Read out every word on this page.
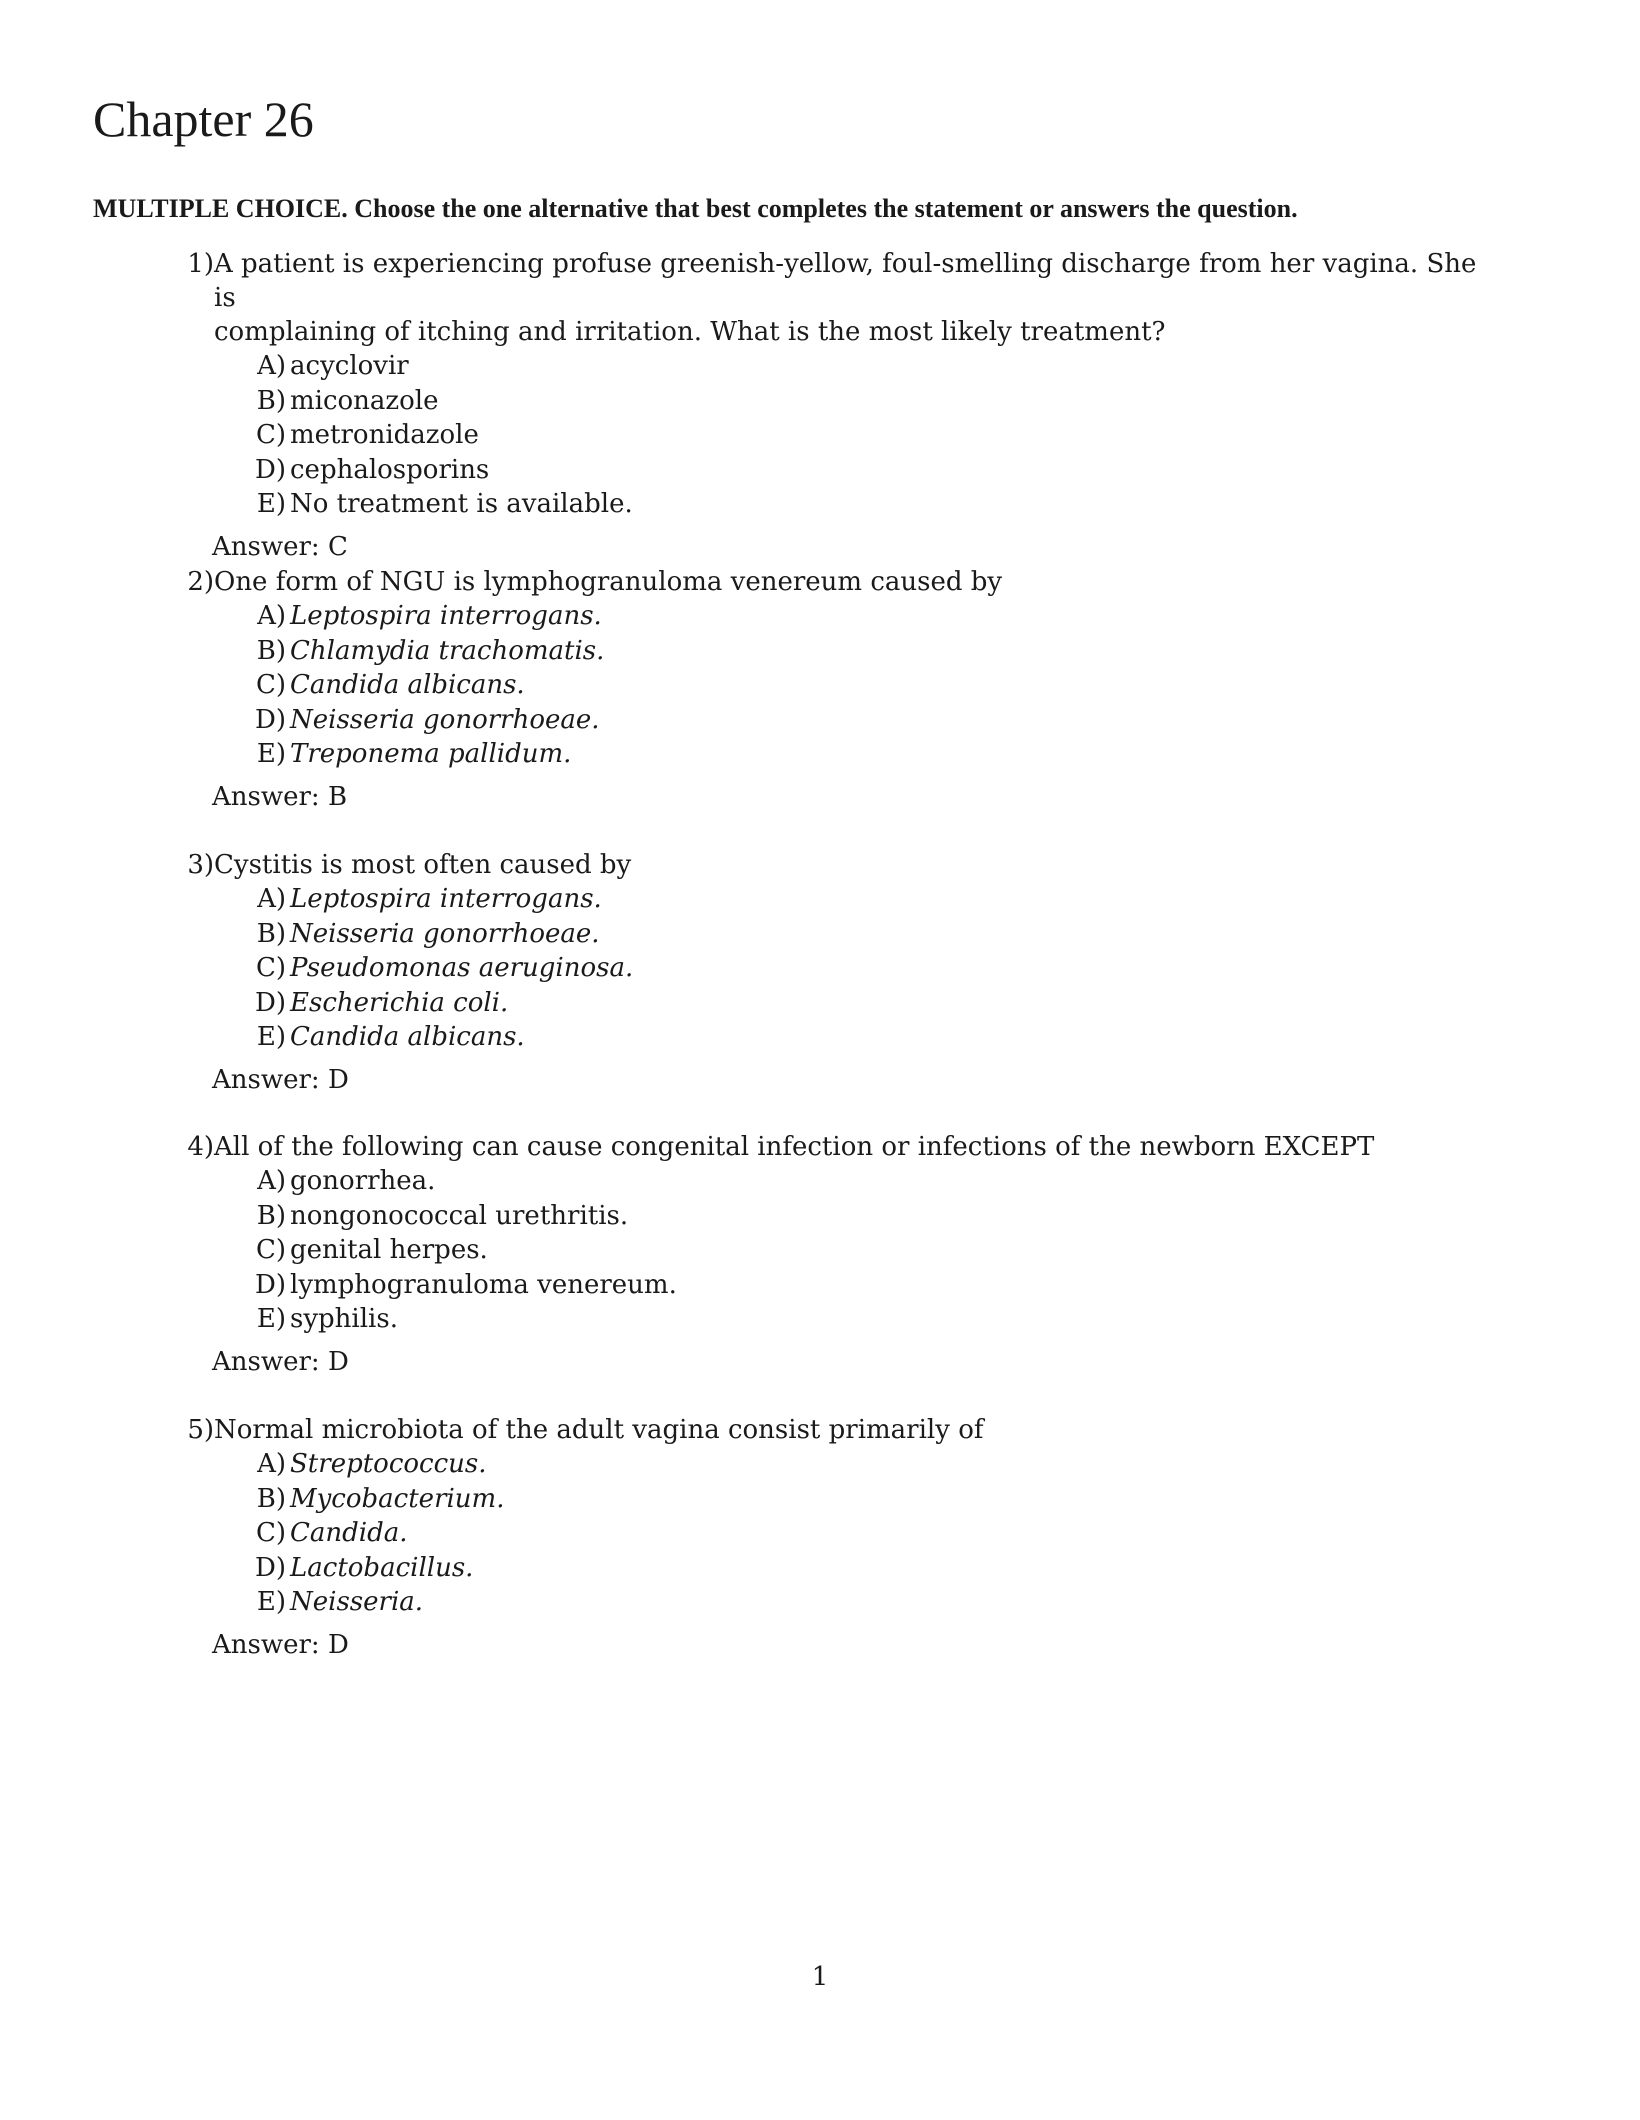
Chapter 26
MULTIPLE CHOICE. Choose the one alternative that best completes the statement or answers the question.
1) A patient is experiencing profuse greenish-yellow, foul-smelling discharge from her vagina. She is
complaining of itching and irritation. What is the most likely treatment?
A) acyclovir
B) miconazole
C) metronidazole
D) cephalosporins
E) No treatment is available.
Answer: C
2) One form of NGU is lymphogranuloma venereum caused by
A) Leptospira interrogans.
B) Chlamydia trachomatis.
C) Candida albicans.
D) Neisseria gonorrhoeae.
E) Treponema pallidum.
Answer: B
3) Cystitis is most often caused by
A) Leptospira interrogans.
B) Neisseria gonorrhoeae.
C) Pseudomonas aeruginosa.
D) Escherichia coli.
E) Candida albicans.
Answer: D
4) All of the following can cause congenital infection or infections of the newborn EXCEPT
A) gonorrhea.
B) nongonococcal urethritis.
C) genital herpes.
D) lymphogranuloma venereum.
E) syphilis.
Answer: D
5) Normal microbiota of the adult vagina consist primarily of
A) Streptococcus.
B) Mycobacterium.
C) Candida.
D) Lactobacillus.
E) Neisseria.
Answer: D
1
